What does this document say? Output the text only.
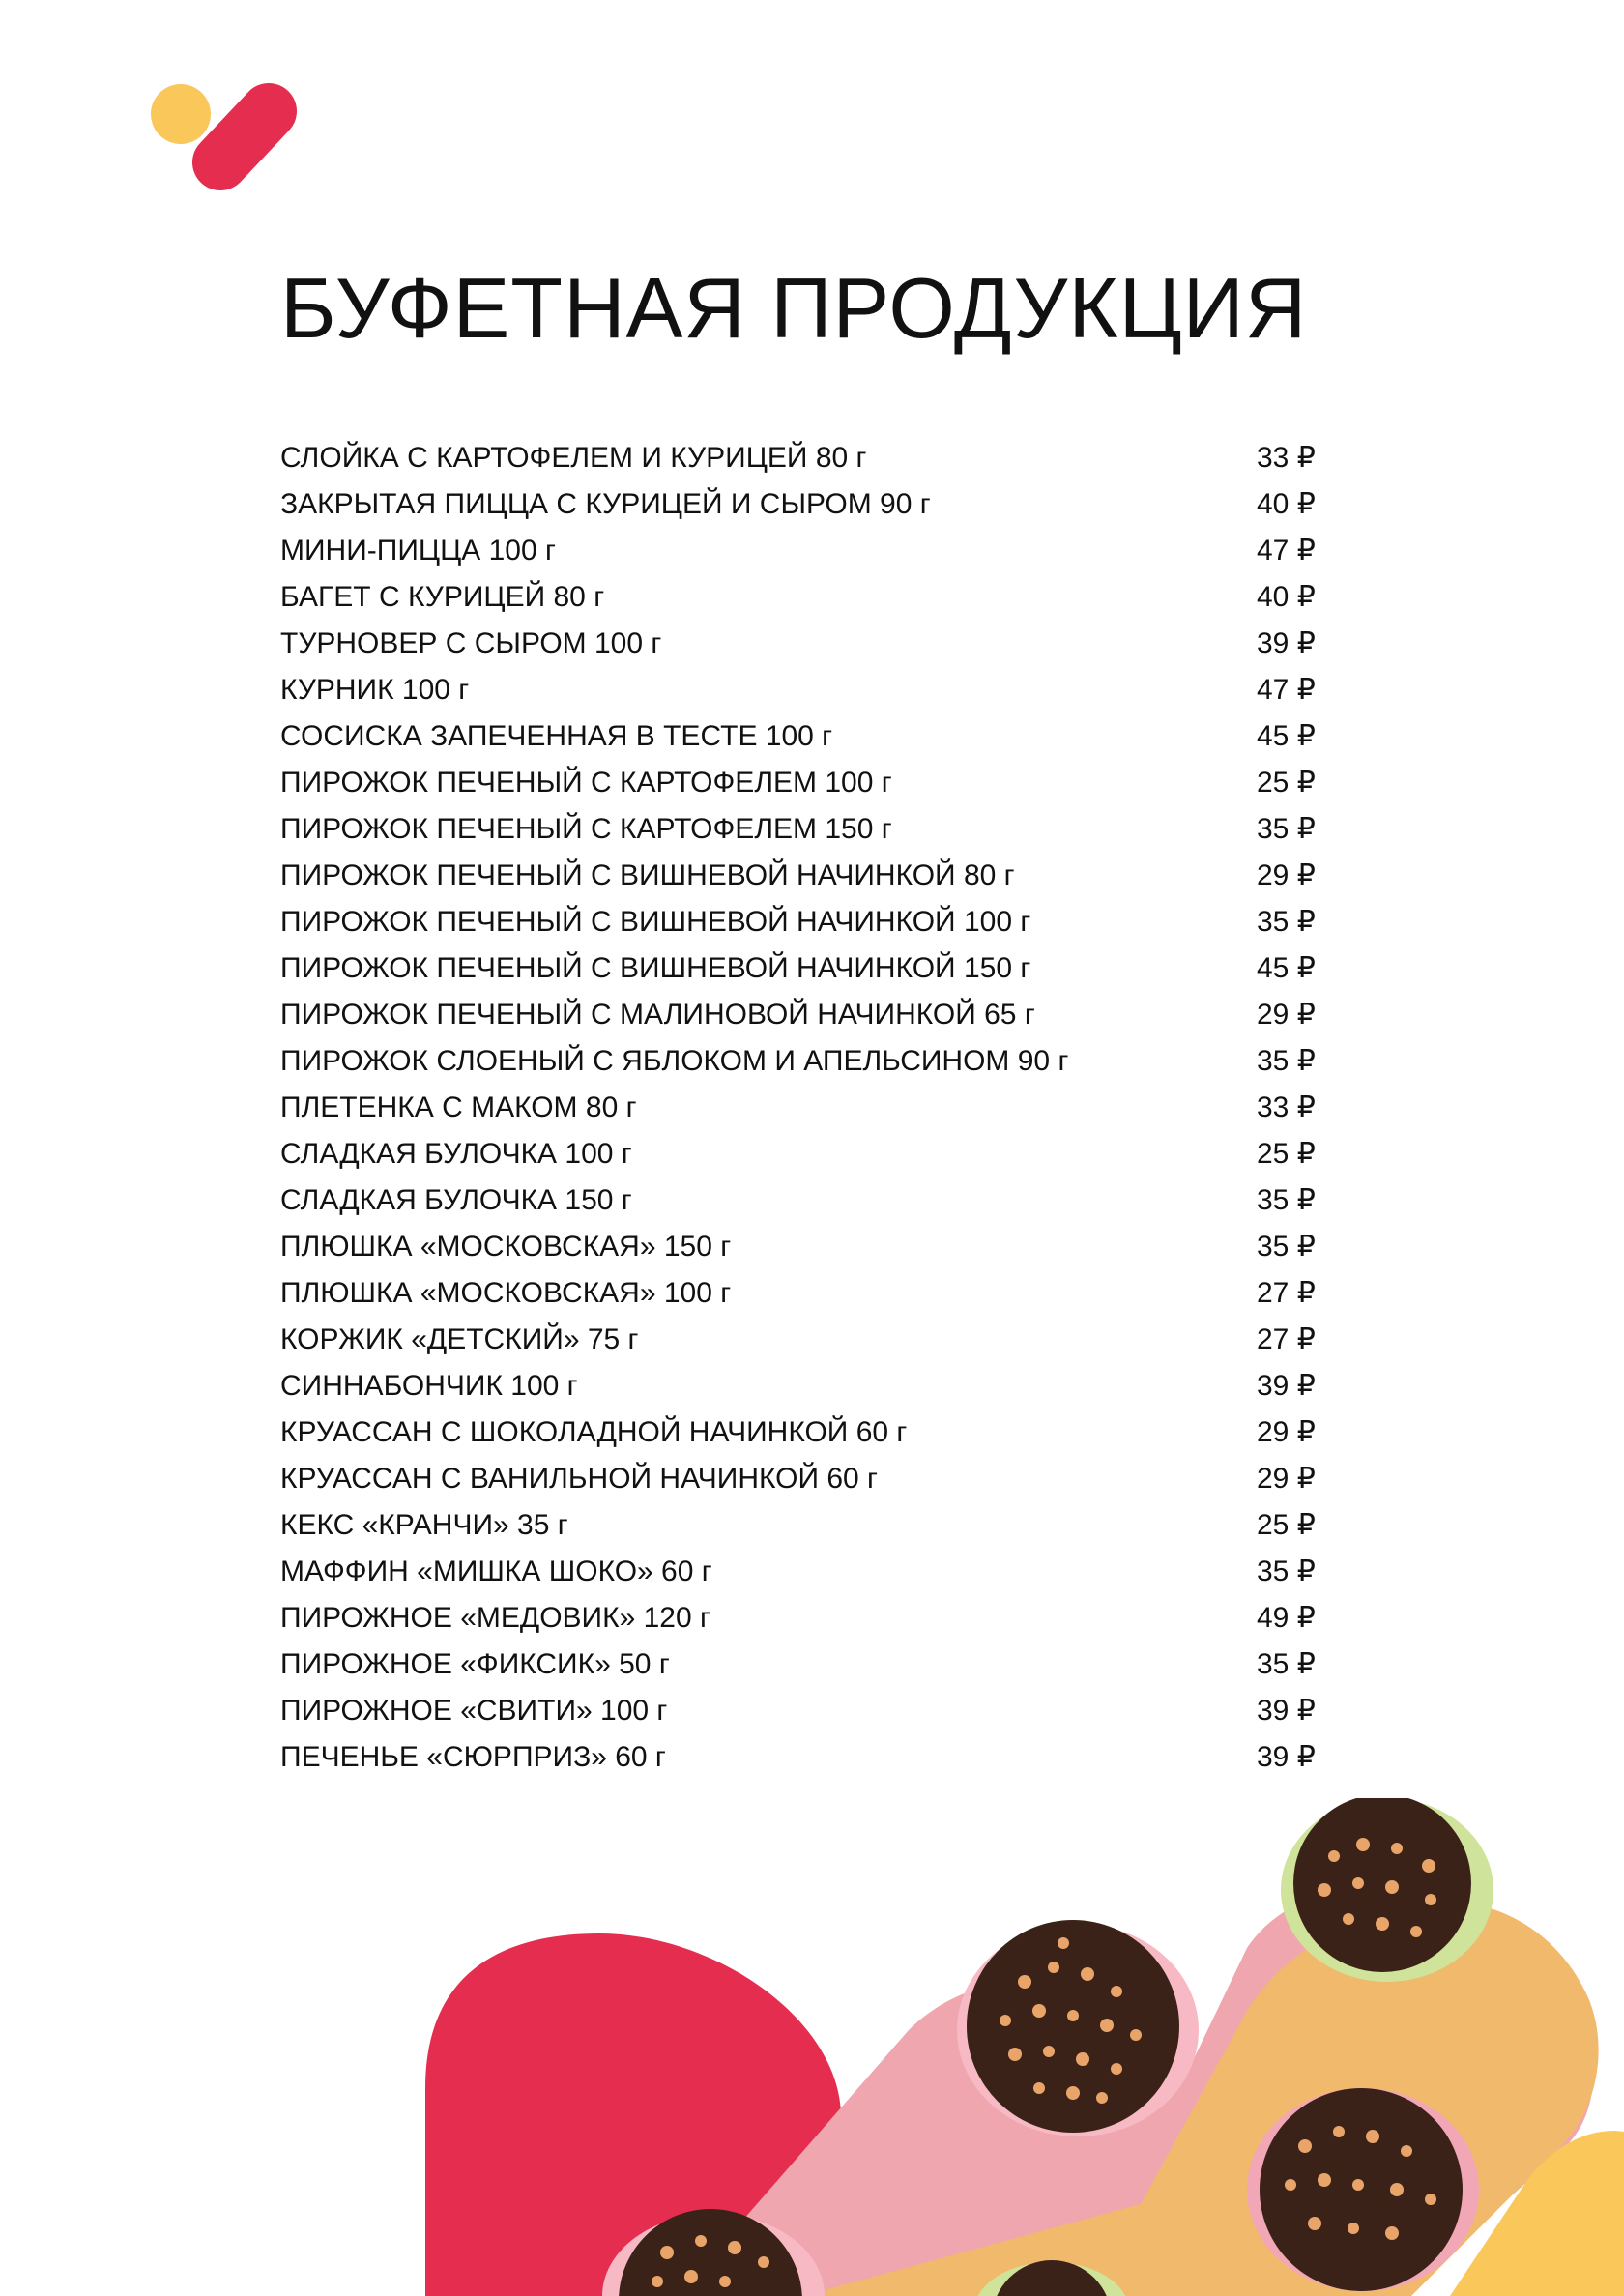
БУФЕТНАЯ ПРОДУКЦИЯ
СЛОЙКА С КАРТОФЕЛЕМ И КУРИЦЕЙ 80 г	33 ₽
ЗАКРЫТАЯ ПИЦЦА С КУРИЦЕЙ И СЫРОМ 90 г	40 ₽
МИНИ-ПИЦЦА 100 г	47 ₽
БАГЕТ С КУРИЦЕЙ 80 г	40 ₽
ТУРНОВЕР С СЫРОМ 100 г	39 ₽
КУРНИК 100 г	47 ₽
СОСИСКА ЗАПЕЧЕННАЯ В ТЕСТЕ 100 г	45 ₽
ПИРОЖОК ПЕЧЕНЫЙ С КАРТОФЕЛЕМ 100 г	25 ₽
ПИРОЖОК ПЕЧЕНЫЙ С КАРТОФЕЛЕМ 150 г	35 ₽
ПИРОЖОК ПЕЧЕНЫЙ С ВИШНЕВОЙ НАЧИНКОЙ 80 г	29 ₽
ПИРОЖОК ПЕЧЕНЫЙ С ВИШНЕВОЙ НАЧИНКОЙ 100 г	35 ₽
ПИРОЖОК ПЕЧЕНЫЙ С ВИШНЕВОЙ НАЧИНКОЙ 150 г	45 ₽
ПИРОЖОК ПЕЧЕНЫЙ С МАЛИНОВОЙ НАЧИНКОЙ 65 г	29 ₽
ПИРОЖОК СЛОЕНЫЙ С ЯБЛОКОМ И АПЕЛЬСИНОМ 90 г	35 ₽
ПЛЕТЕНКА С МАКОМ 80 г	33 ₽
СЛАДКАЯ БУЛОЧКА 100 г	25 ₽
СЛАДКАЯ БУЛОЧКА 150 г	35 ₽
ПЛЮШКА «МОСКОВСКАЯ» 150 г	35 ₽
ПЛЮШКА «МОСКОВСКАЯ» 100 г	27 ₽
КОРЖИК «ДЕТСКИЙ» 75 г	27 ₽
СИННАБОНЧИК 100 г	39 ₽
КРУАССАН С ШОКОЛАДНОЙ НАЧИНКОЙ 60 г	29 ₽
КРУАССАН С ВАНИЛЬНОЙ НАЧИНКОЙ 60 г	29 ₽
КЕКС «КРАНЧИ» 35 г	25 ₽
МАФФИН «МИШКА ШОКО» 60 г	35 ₽
ПИРОЖНОЕ «МЕДОВИК» 120 г	49 ₽
ПИРОЖНОЕ «ФИКСИК» 50 г	35 ₽
ПИРОЖНОЕ «СВИТИ» 100 г	39 ₽
ПЕЧЕНЬЕ «СЮРПРИЗ» 60 г	39 ₽
